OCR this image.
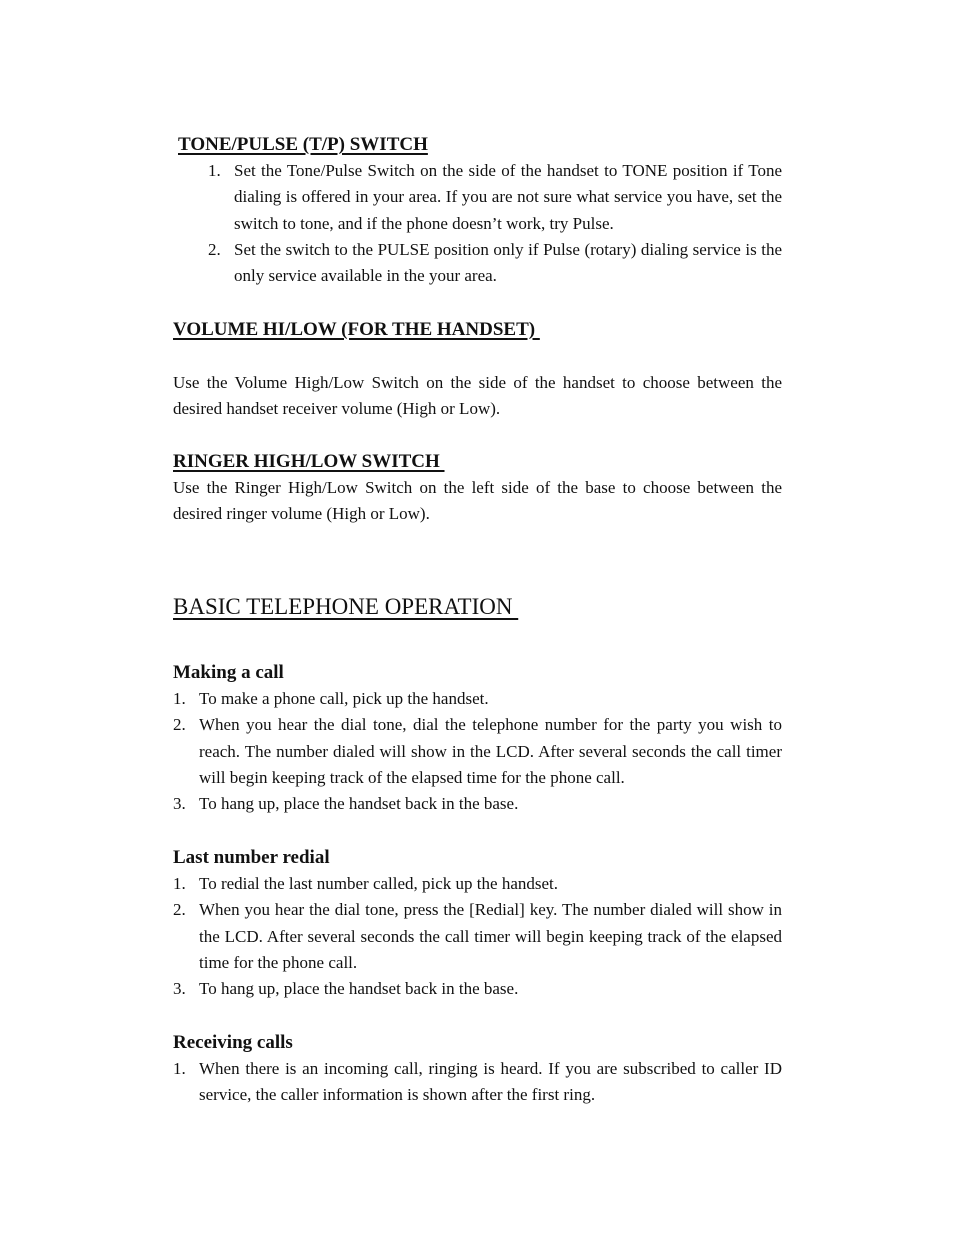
TONE/PULSE (T/P) SWITCH
1. Set the Tone/Pulse Switch on the side of the handset to TONE position if Tone dialing is offered in your area. If you are not sure what service you have, set the switch to tone, and if the phone doesn’t work, try Pulse.
2. Set the switch to the PULSE position only if Pulse (rotary) dialing service is the only service available in the your area.
VOLUME HI/LOW (FOR THE HANDSET)

Use the Volume High/Low Switch on the side of the handset to choose between the desired handset receiver volume (High or Low).

RINGER HIGH/LOW SWITCH

Use the Ringer High/Low Switch on the left side of the base to choose between the desired ringer volume (High or Low).

BASIC TELEPHONE OPERATION
Making a call
1. To make a phone call, pick up the handset.
2. When you hear the dial tone, dial the telephone number for the party you wish to reach. The number dialed will show in the LCD. After several seconds the call timer will begin keeping track of the elapsed time for the phone call.
3. To hang up, place the handset back in the base.
Last number redial
1. To redial the last number called, pick up the handset.
2. When you hear the dial tone, press the [Redial] key. The number dialed will show in the LCD. After several seconds the call timer will begin keeping track of the elapsed time for the phone call.
3. To hang up, place the handset back in the base.
Receiving calls
1. When there is an incoming call, ringing is heard. If you are subscribed to caller ID service, the caller information is shown after the first ring.
